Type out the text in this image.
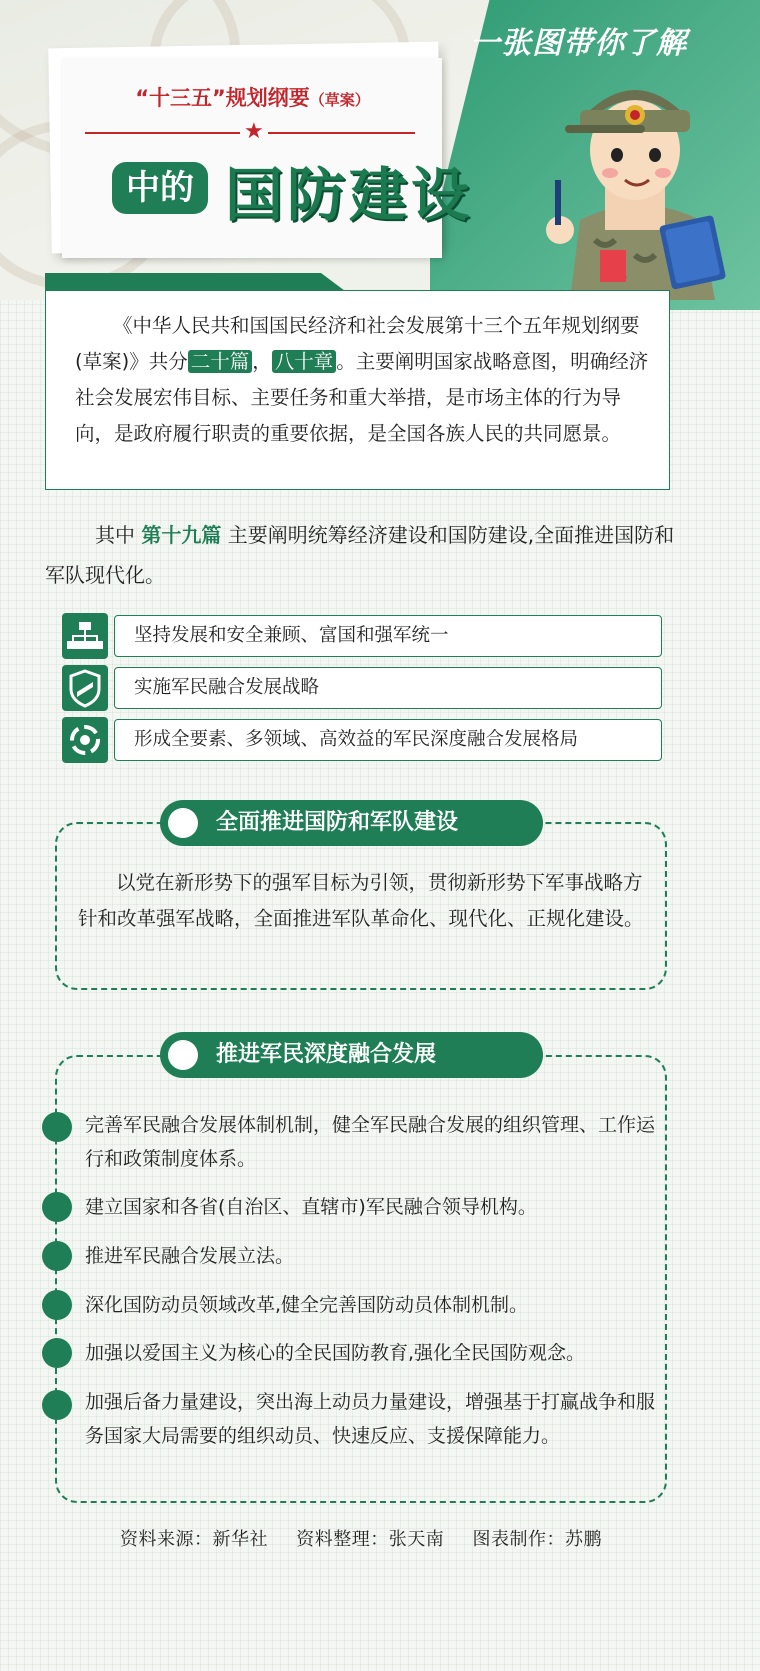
一张图带你了解
“十三五”规划纲要（草案）
★
中的 国防建设
《中华人民共和国国民经济和社会发展第十三个五年规划纲要(草案)》共分 二十篇 ， 八十章 。主要阐明国家战略意图，明确经济社会发展宏伟目标、主要任务和重大举措，是市场主体的行为导向，是政府履行职责的重要依据，是全国各族人民的共同愿景。
其中 第十九篇 主要阐明统筹经济建设和国防建设,全面推进国防和军队现代化。
坚持发展和安全兼顾、富国和强军统一
实施军民融合发展战略
形成全要素、多领域、高效益的军民深度融合发展格局
全面推进国防和军队建设
以党在新形势下的强军目标为引领，贯彻新形势下军事战略方针和改革强军战略，全面推进军队革命化、现代化、正规化建设。
推进军民深度融合发展
完善军民融合发展体制机制，健全军民融合发展的组织管理、工作运行和政策制度体系。
建立国家和各省(自治区、直辖市)军民融合领导机构。
推进军民融合发展立法。
深化国防动员领域改革,健全完善国防动员体制机制。
加强以爱国主义为核心的全民国防教育,强化全民国防观念。
加强后备力量建设，突出海上动员力量建设，增强基于打赢战争和服务国家大局需要的组织动员、快速反应、支援保障能力。
资料来源：新华社 资料整理：张天南 图表制作：苏鹏
